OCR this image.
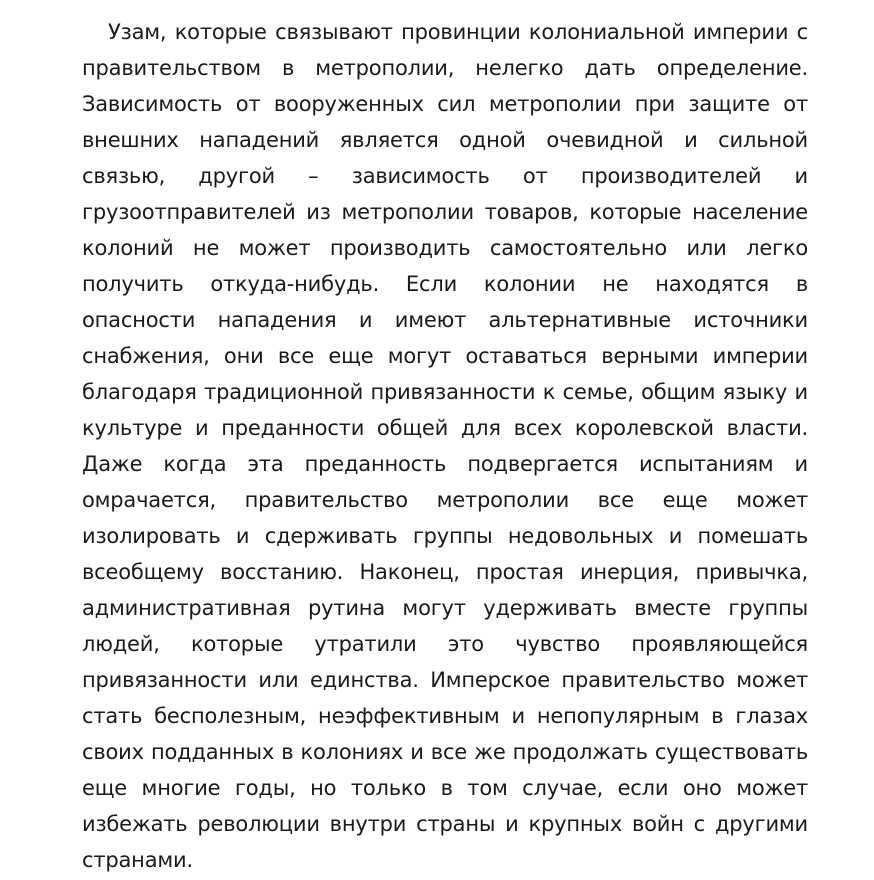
Узам, которые связывают провинции колониальной империи с правительством в метрополии, нелегко дать определение. Зависимость от вооруженных сил метрополии при защите от внешних нападений является одной очевидной и сильной связью, другой – зависимость от производителей и грузоотправителей из метрополии товаров, которые население колоний не может производить самостоятельно или легко получить откуда-нибудь. Если колонии не находятся в опасности нападения и имеют альтернативные источники снабжения, они все еще могут оставаться верными империи благодаря традиционной привязанности к семье, общим языку и культуре и преданности общей для всех королевской власти. Даже когда эта преданность подвергается испытаниям и омрачается, правительство метрополии все еще может изолировать и сдерживать группы недовольных и помешать всеобщему восстанию. Наконец, простая инерция, привычка, административная рутина могут удерживать вместе группы людей, которые утратили это чувство проявляющейся привязанности или единства. Имперское правительство может стать бесполезным, неэффективным и непопулярным в глазах своих подданных в колониях и все же продолжать существовать еще многие годы, но только в том случае, если оно может избежать революции внутри страны и крупных войн с другими странами.
